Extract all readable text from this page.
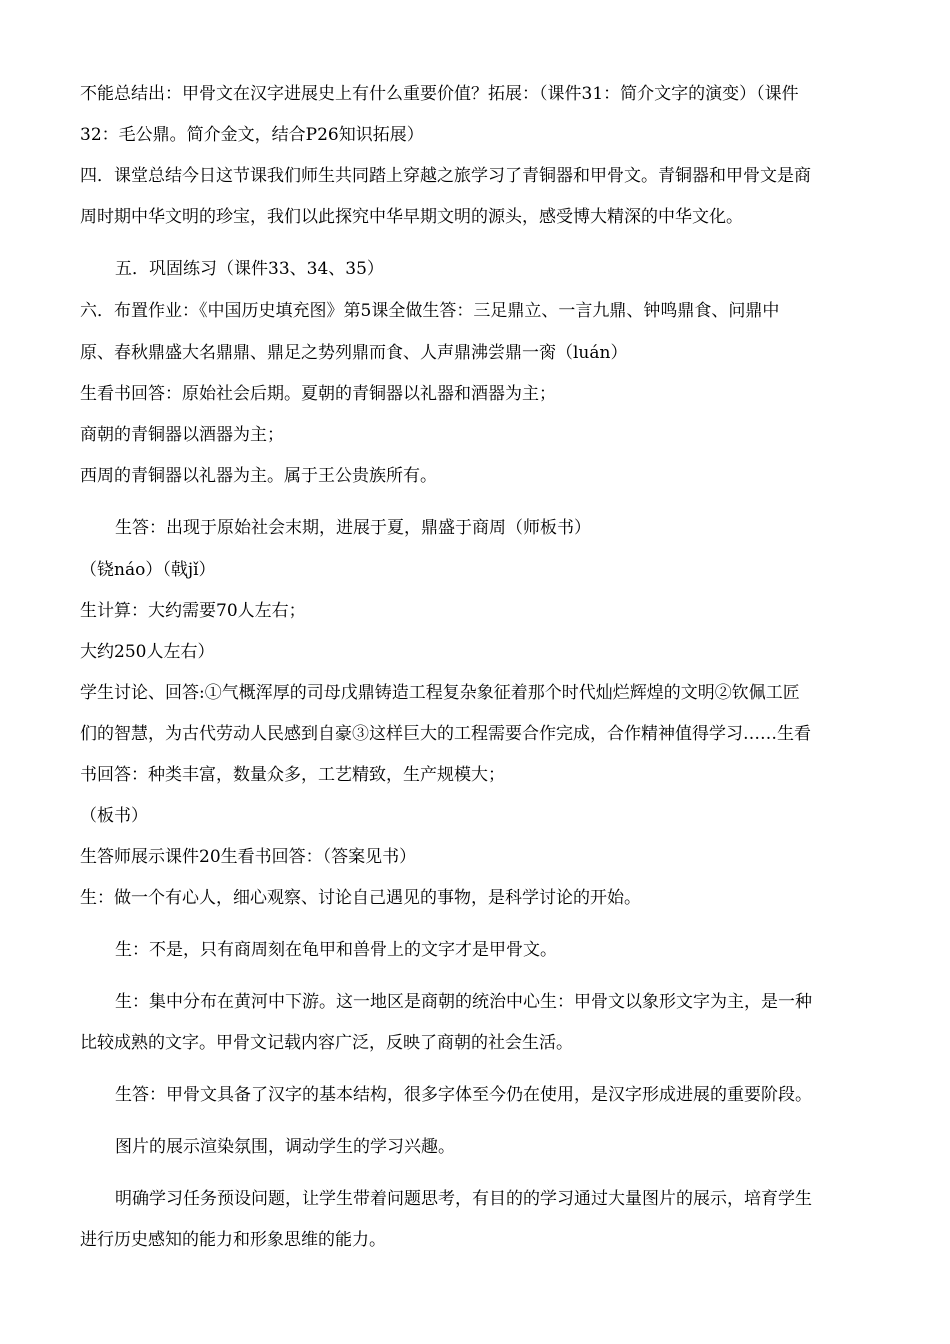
不能总结出：甲骨文在汉字进展史上有什么重要价值？拓展：（课件31：简介文字的演变）（课件
32：毛公鼎。简介金文，结合P26知识拓展）
四．课堂总结今日这节课我们师生共同踏上穿越之旅学习了青铜器和甲骨文。青铜器和甲骨文是商
周时期中华文明的珍宝，我们以此探究中华早期文明的源头，感受博大精深的中华文化。
五．巩固练习（课件33、34、35）
六．布置作业：《中国历史填充图》第5课全做生答：三足鼎立、一言九鼎、钟鸣鼎食、问鼎中
原、春秋鼎盛大名鼎鼎、鼎足之势列鼎而食、人声鼎沸尝鼎一脔（luán）
生看书回答：原始社会后期。夏朝的青铜器以礼器和酒器为主；
商朝的青铜器以酒器为主；
西周的青铜器以礼器为主。属于王公贵族所有。
生答：出现于原始社会末期，进展于夏，鼎盛于商周（师板书）
（铙náo）（戟jǐ）
生计算：大约需要70人左右；
大约250人左右）
学生讨论、回答:①气概浑厚的司母戊鼎铸造工程复杂象征着那个时代灿烂辉煌的文明②钦佩工匠
们的智慧，为古代劳动人民感到自豪③这样巨大的工程需要合作完成，合作精神值得学习……生看
书回答：种类丰富，数量众多，工艺精致，生产规模大；
（板书）
生答师展示课件20生看书回答：（答案见书）
生：做一个有心人，细心观察、讨论自己遇见的事物，是科学讨论的开始。
生：不是，只有商周刻在龟甲和兽骨上的文字才是甲骨文。
生：集中分布在黄河中下游。这一地区是商朝的统治中心生：甲骨文以象形文字为主，是一种
比较成熟的文字。甲骨文记载内容广泛，反映了商朝的社会生活。
生答：甲骨文具备了汉字的基本结构，很多字体至今仍在使用，是汉字形成进展的重要阶段。
图片的展示渲染氛围，调动学生的学习兴趣。
明确学习任务预设问题，让学生带着问题思考，有目的的学习通过大量图片的展示，培育学生
进行历史感知的能力和形象思维的能力。
